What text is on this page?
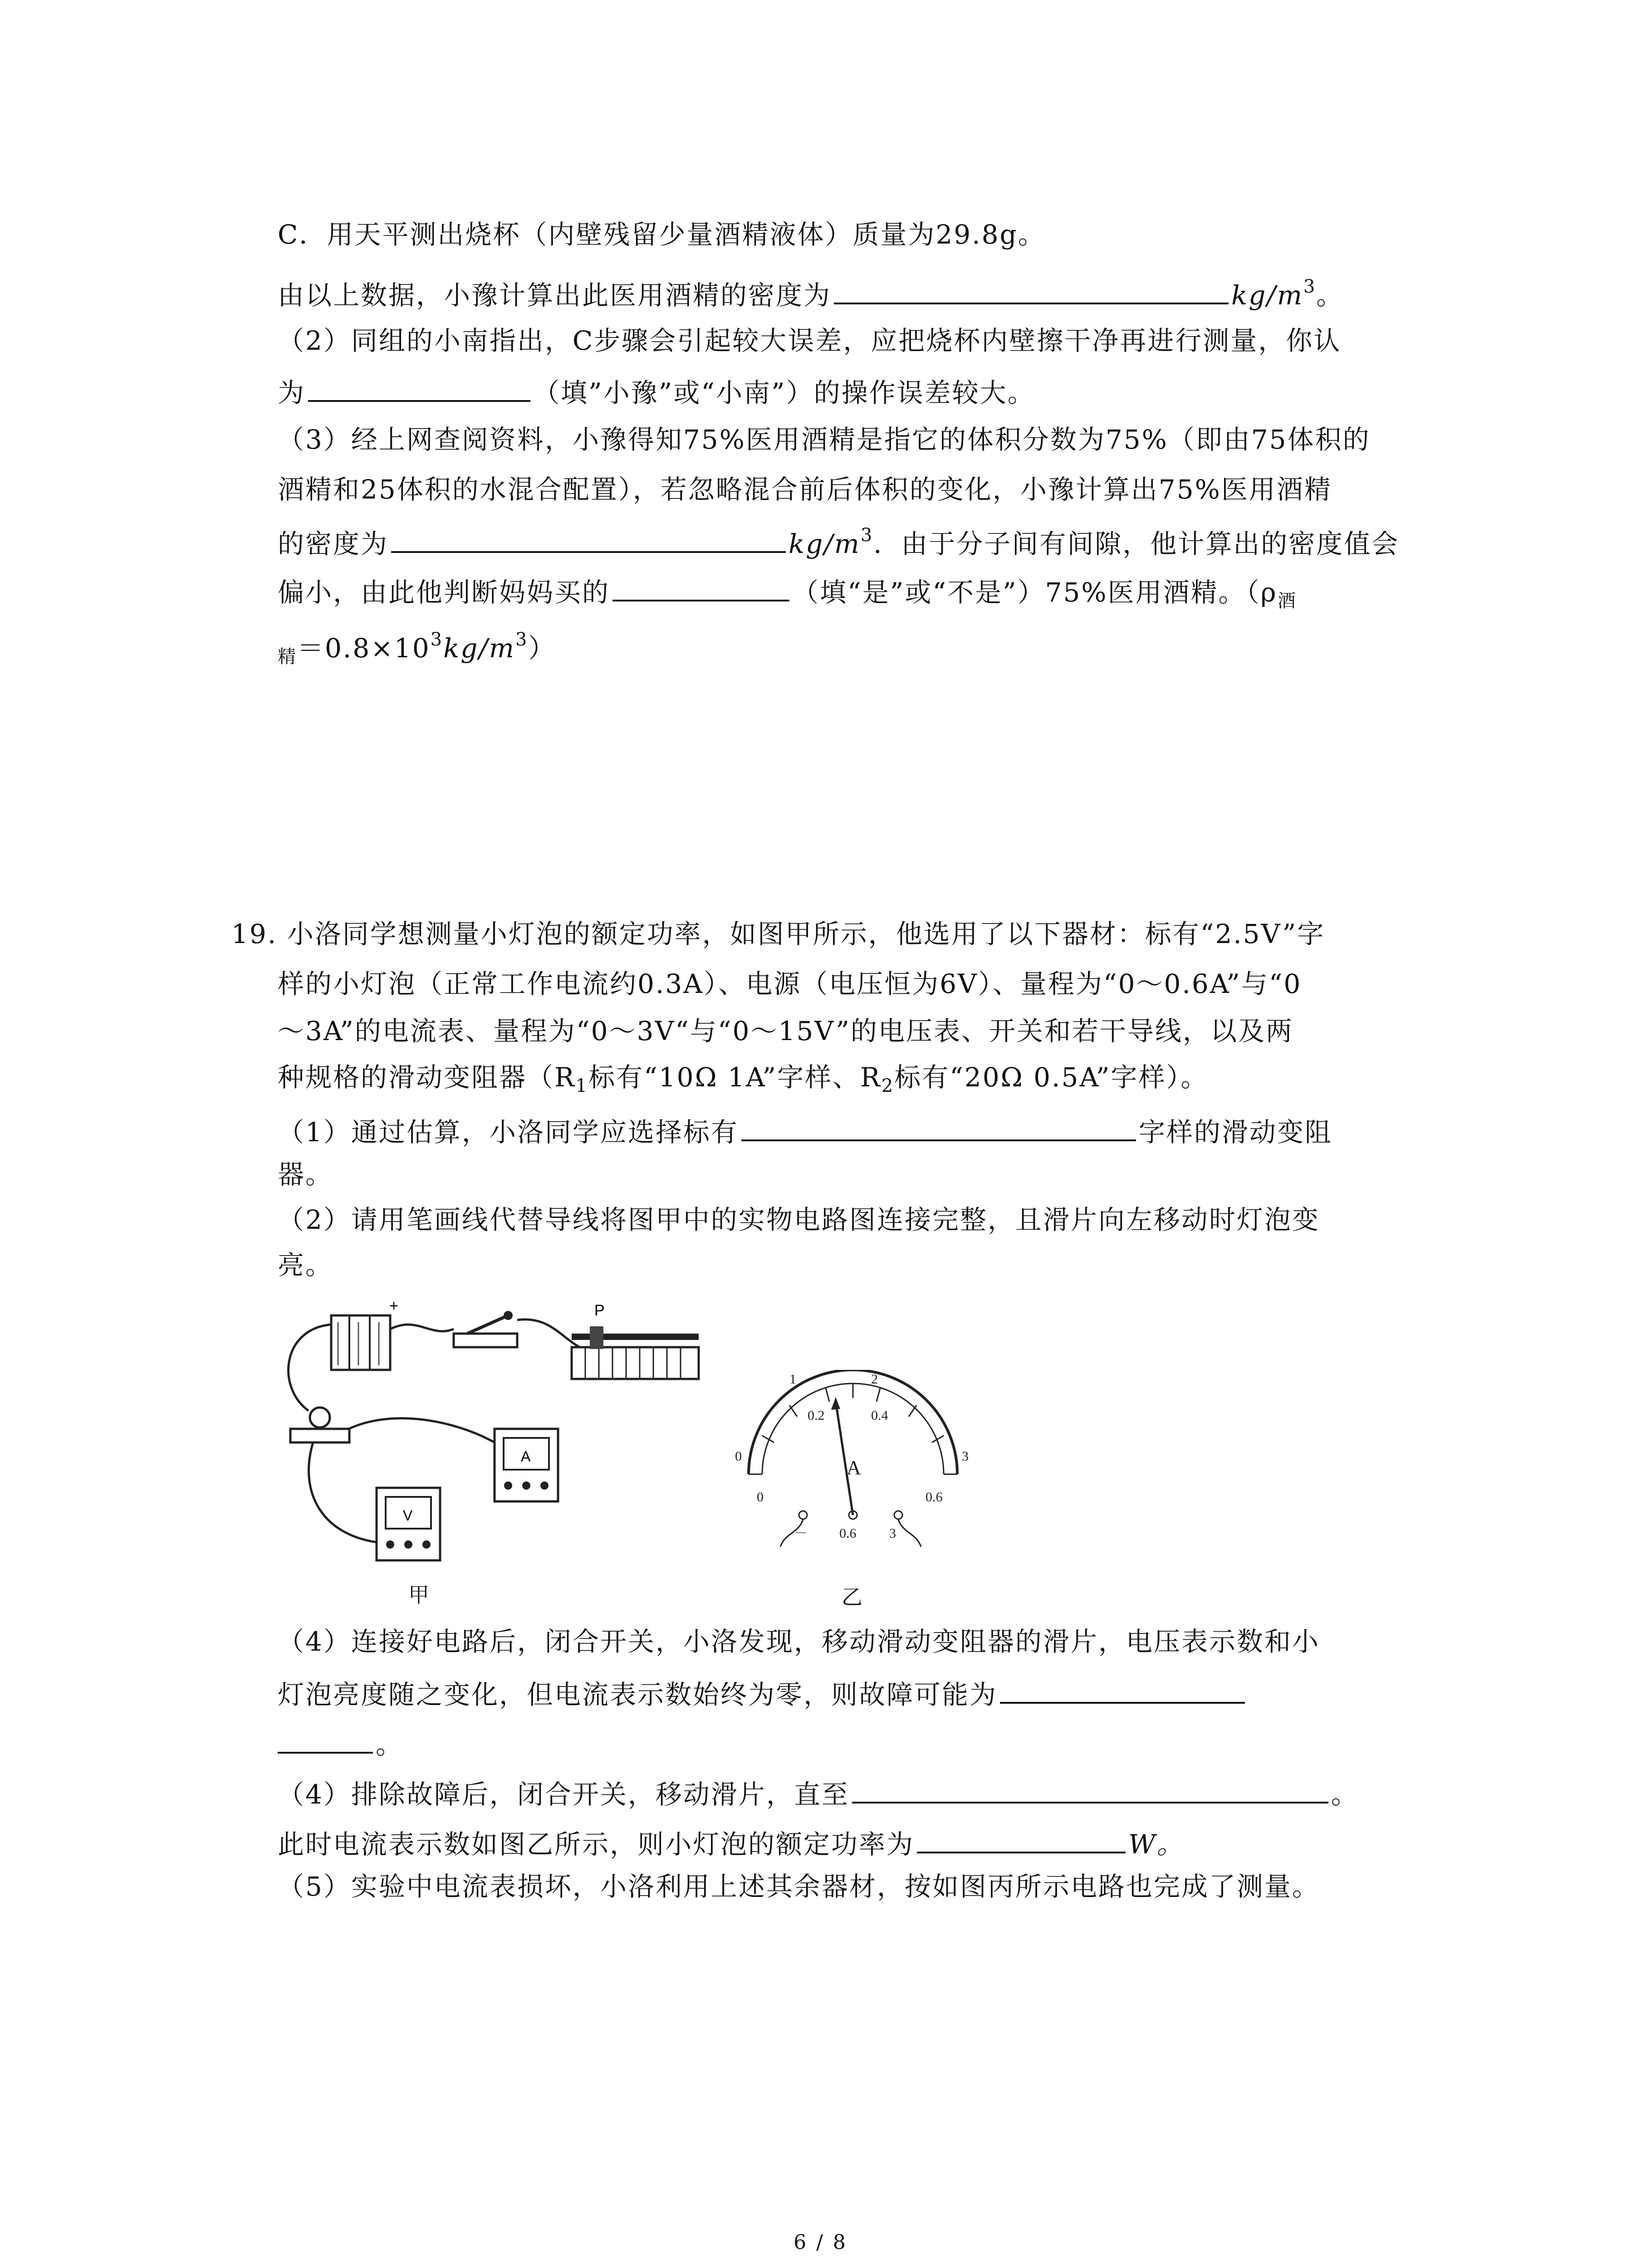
C．用天平测出烧杯（内壁残留少量酒精液体）质量为29.8g。
由以上数据，小豫计算出此医用酒精的密度为	$kg/m^3$。
（2）同组的小南指出，C步骤会引起较大误差，应把烧杯内壁擦干净再进行测量，你认
为	（填”小豫”或“小南”）的操作误差较大。
（3）经上网查阅资料，小豫得知75%医用酒精是指它的体积分数为75%（即由75体积的
酒精和25体积的水混合配置），若忽略混合前后体积的变化，小豫计算出75%医用酒精
的密度为	$kg/m^3$．由于分子间有间隙，他计算出的密度值会
偏小，由此他判断妈妈买的	（填“是”或“不是”）75%医用酒精。（$\rho_酒$
$_精=0.8\times 10^3kg/m^3$）
19. 小洛同学想测量小灯泡的额定功率，如图甲所示，他选用了以下器材：标有“2.5V”字
样的小灯泡（正常工作电流约0.3A）、电源（电压恒为6V）、量程为“0～0.6A”与“0
～3A”的电流表、量程为“0～3V“与“0～15V”的电压表、开关和若干导线，以及两
种规格的滑动变阻器（$R_1$标有“10Ω 1A”字样、$R_2$标有“20Ω 0.5A”字样）。
（1）通过估算，小洛同学应选择标有	字样的滑动变阻
器。
（2）请用笔画线代替导线将图甲中的实物电路图连接完整，且滑片向左移动时灯泡变
亮。
+	P
A
V
甲
0
1	2
3
0
0.2	0.4
0.6
A
－ 0.6 3
乙
（4）连接好电路后，闭合开关，小洛发现，移动滑动变阻器的滑片，电压表示数和小
灯泡亮度随之变化，但电流表示数始终为零，则故障可能为
。
（4）排除故障后，闭合开关，移动滑片，直至	。
此时电流表示数如图乙所示，则小灯泡的额定功率为	W。
（5）实验中电流表损坏，小洛利用上述其余器材，按如图丙所示电路也完成了测量。
6 / 8
